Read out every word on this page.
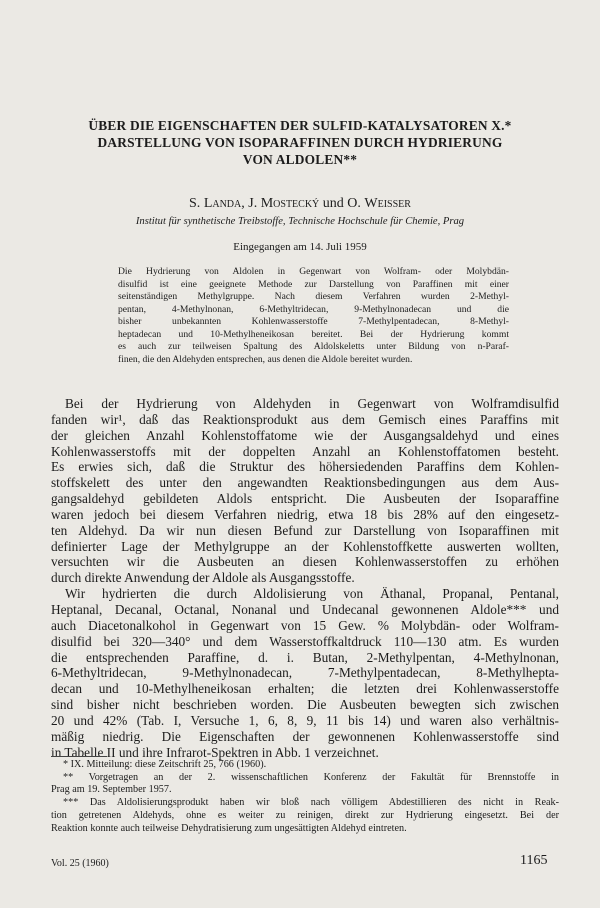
ÜBER DIE EIGENSCHAFTEN DER SULFID-KATALYSATOREN X.*
DARSTELLUNG VON ISOPARAFFINEN DURCH HYDRIERUNG
VON ALDOLEN**
S. Landa, J. Mostecký und O. Weisser
Institut für synthetische Treibstoffe, Technische Hochschule für Chemie, Prag
Eingegangen am 14. Juli 1959
Die Hydrierung von Aldolen in Gegenwart von Wolfram- oder Molybdän-
disulfid ist eine geeignete Methode zur Darstellung von Paraffinen mit einer
seitenständigen Methylgruppe. Nach diesem Verfahren wurden 2-Methyl-
pentan, 4-Methylnonan, 6-Methyltridecan, 9-Methylnonadecan und die
bisher unbekannten Kohlenwasserstoffe 7-Methylpentadecan, 8-Methyl-
heptadecan und 10-Methylheneikosan bereitet. Bei der Hydrierung kommt
es auch zur teilweisen Spaltung des Aldolskeletts unter Bildung von n-Paraf-
finen, die den Aldehyden entsprechen, aus denen die Aldole bereitet wurden.
Bei der Hydrierung von Aldehyden in Gegenwart von Wolframdisulfid
fanden wir¹, daß das Reaktionsprodukt aus dem Gemisch eines Paraffins mit
der gleichen Anzahl Kohlenstoffatome wie der Ausgangsaldehyd und eines
Kohlenwasserstoffs mit der doppelten Anzahl an Kohlenstoffatomen besteht.
Es erwies sich, daß die Struktur des höhersiedenden Paraffins dem Kohlen-
stoffskelett des unter den angewandten Reaktionsbedingungen aus dem Aus-
gangsaldehyd gebildeten Aldols entspricht. Die Ausbeuten der Isoparaffine
waren jedoch bei diesem Verfahren niedrig, etwa 18 bis 28% auf den eingesetz-
ten Aldehyd. Da wir nun diesen Befund zur Darstellung von Isoparaffinen mit
definierter Lage der Methylgruppe an der Kohlenstoffkette auswerten wollten,
versuchten wir die Ausbeuten an diesen Kohlenwasserstoffen zu erhöhen
durch direkte Anwendung der Aldole als Ausgangsstoffe.
Wir hydrierten die durch Aldolisierung von Äthanal, Propanal, Pentanal,
Heptanal, Decanal, Octanal, Nonanal und Undecanal gewonnenen Aldole*** und
auch Diacetonalkohol in Gegenwart von 15 Gew. % Molybdän- oder Wolfram-
disulfid bei 320—340° und dem Wasserstoffkaltdruck 110—130 atm. Es wurden
die entsprechenden Paraffine, d. i. Butan, 2-Methylpentan, 4-Methylnonan,
6-Methyltridecan, 9-Methylnonadecan, 7-Methylpentadecan, 8-Methylhepta-
decan und 10-Methylheneikosan erhalten; die letzten drei Kohlenwasserstoffe
sind bisher nicht beschrieben worden. Die Ausbeuten bewegten sich zwischen
20 und 42% (Tab. I, Versuche 1, 6, 8, 9, 11 bis 14) und waren also verhältnis-
mäßig niedrig. Die Eigenschaften der gewonnenen Kohlenwasserstoffe sind
in Tabelle II und ihre Infrarot-Spektren in Abb. 1 verzeichnet.
* IX. Mitteilung: diese Zeitschrift 25, 766 (1960).
** Vorgetragen an der 2. wissenschaftlichen Konferenz der Fakultät für Brennstoffe in
Prag am 19. September 1957.
*** Das Aldolisierungsprodukt haben wir bloß nach völligem Abdestillieren des nicht in Reak-
tion getretenen Aldehyds, ohne es weiter zu reinigen, direkt zur Hydrierung eingesetzt. Bei der
Reaktion konnte auch teilweise Dehydratisierung zum ungesättigten Aldehyd eintreten.
Vol. 25 (1960)	1165
